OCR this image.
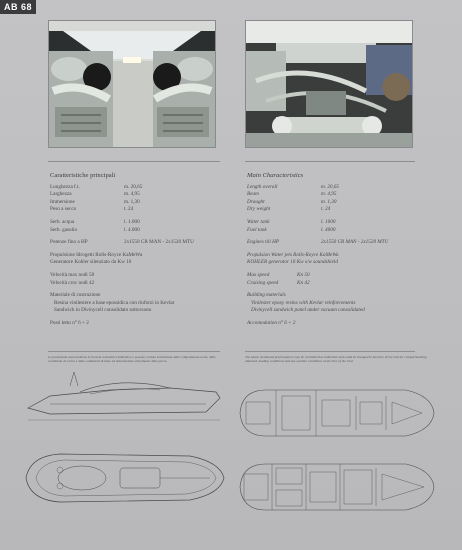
AB 68
Caratteristiche principali
Lunghezza f.t.	m. 20,65
Larghezza	m. 4,95
Immersione	m. 1,30
Peso a secco	t. 24
Serb. acqua	l. 1.000
Serb. gasolio	l. 4.000
Potenze fino a HP	2x1550 CR MAN - 2x1520 MTU
Propulsione Idrogetti Rolls-Royce KaMeWa
Generatore Kohler silenziato da Kw 16
Velocità max nodi 50
Velocità croc nodi 42
Materiale di costruzione
Resina vinilestere a base epossidica con rinforzi in Kevlar
Sandwich in Divinycell consolidato sottovuoto
Posti letto n° 6 + 2
Main Characteristics
Length overall	m. 20,65
Beam	m. 4,95
Draught	m. 1,30
Dry weight	t. 24
Water tank	l. 1000
Fuel tank	l. 4000
Engines till HP	2x1550 CR MAN - 2x1520 MTU
Propulsion Water jets Rolls-Royce KaMeWa
KOHLER generator 16 Kw s/w soundshield
Max speed	Kn 50
Cruising speed	Kn 42
Building materials
Vinilester epoxy resins with Kevlar reinforcements
Divinycell sandwich panel under vacuum consolidated
Accomodation n° 6 + 2
Le prestazioni sopra indicate la Società costruttrice indicative e possono variare in funzione della composizione scafo, delle condizioni di carico e delle condizioni di mare ed atmosferiche al momento della prova.
The above mentioned performances may be considered as indicative and could be changed in function of the interior compartmenting obtained, loading conditions and sea-weather conditions at the time of the trial.
